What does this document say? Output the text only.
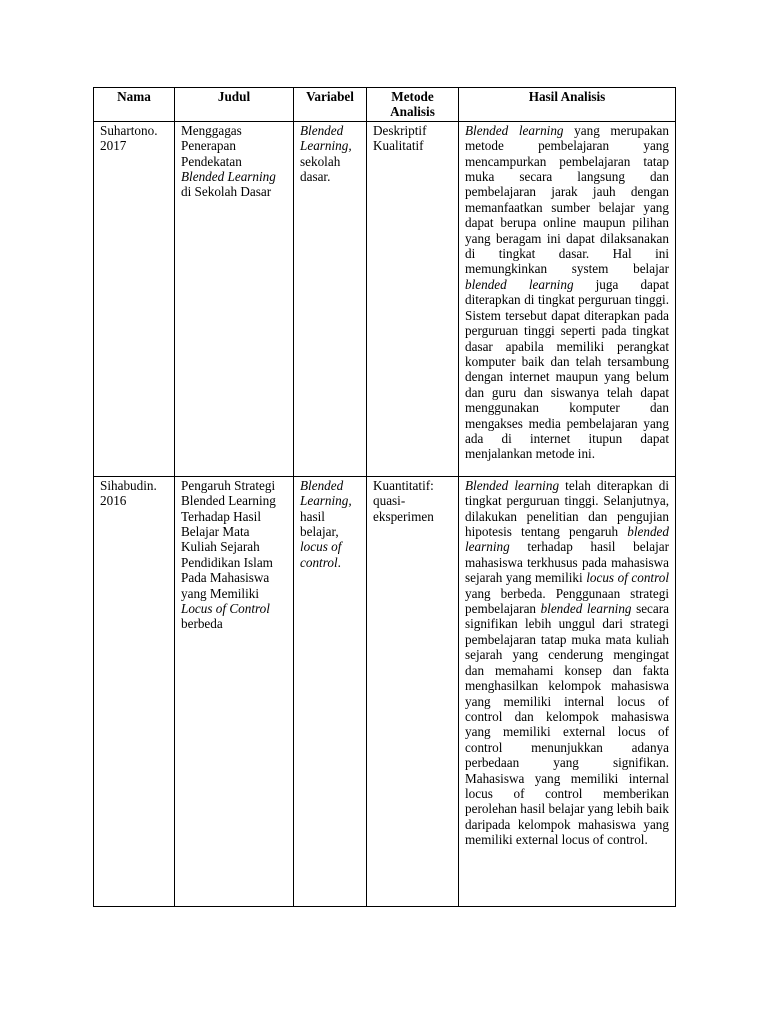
Nama	Judul	Variabel	Metode Analisis	Hasil Analisis
Suhartono. 2017	Menggagas Penerapan Pendekatan Blended Learning di Sekolah Dasar	Blended Learning, sekolah dasar.	Deskriptif Kualitatif	Blended learning yang merupakan metode pembelajaran yang mencampurkan pembelajaran tatap muka secara langsung dan pembelajaran jarak jauh dengan memanfaatkan sumber belajar yang dapat berupa online maupun pilihan yang beragam ini dapat dilaksanakan di tingkat dasar. Hal ini memungkinkan system belajar blended learning juga dapat diterapkan di tingkat perguruan tinggi. Sistem tersebut dapat diterapkan pada perguruan tinggi seperti pada tingkat dasar apabila memiliki perangkat komputer baik dan telah tersambung dengan internet maupun yang belum dan guru dan siswanya telah dapat menggunakan komputer dan mengakses media pembelajaran yang ada di internet itupun dapat menjalankan metode ini.
Sihabudin. 2016	Pengaruh Strategi Blended Learning Terhadap Hasil Belajar Mata Kuliah Sejarah Pendidikan Islam Pada Mahasiswa yang Memiliki Locus of Control berbeda	Blended Learning, hasil belajar, locus of control.	Kuantitatif: quasi-eksperimen	Blended learning telah diterapkan di tingkat perguruan tinggi. Selanjutnya, dilakukan penelitian dan pengujian hipotesis tentang pengaruh blended learning terhadap hasil belajar mahasiswa terkhusus pada mahasiswa sejarah yang memiliki locus of control yang berbeda. Penggunaan strategi pembelajaran blended learning secara signifikan lebih unggul dari strategi pembelajaran tatap muka mata kuliah sejarah yang cenderung mengingat dan memahami konsep dan fakta menghasilkan kelompok mahasiswa yang memiliki internal locus of control dan kelompok mahasiswa yang memiliki external locus of control menunjukkan adanya perbedaan yang signifikan. Mahasiswa yang memiliki internal locus of control memberikan perolehan hasil belajar yang lebih baik daripada kelompok mahasiswa yang memiliki external locus of control.
